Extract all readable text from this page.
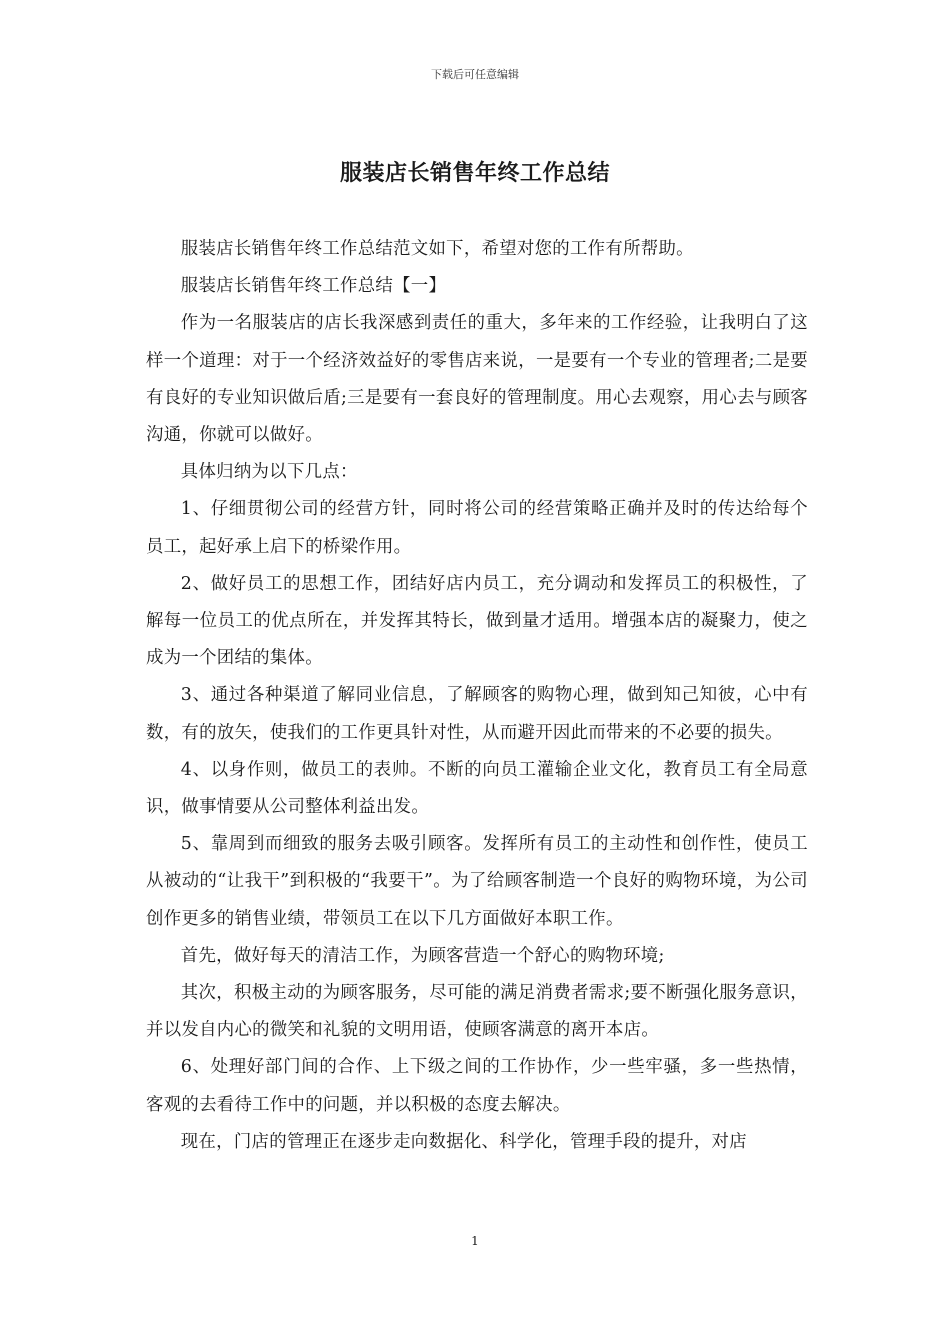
下载后可任意编辑
服装店长销售年终工作总结

服装店长销售年终工作总结范文如下，希望对您的工作有所帮助。

服装店长销售年终工作总结【一】

作为一名服装店的店长我深感到责任的重大，多年来的工作经验，让我明白了这样一个道理：对于一个经济效益好的零售店来说，一是要有一个专业的管理者;二是要有良好的专业知识做后盾;三是要有一套良好的管理制度。用心去观察，用心去与顾客沟通，你就可以做好。

具体归纳为以下几点：

1、仔细贯彻公司的经营方针，同时将公司的经营策略正确并及时的传达给每个员工，起好承上启下的桥梁作用。

2、做好员工的思想工作，团结好店内员工，充分调动和发挥员工的积极性，了解每一位员工的优点所在，并发挥其特长，做到量才适用。增强本店的凝聚力，使之成为一个团结的集体。

3、通过各种渠道了解同业信息，了解顾客的购物心理，做到知己知彼，心中有数，有的放矢，使我们的工作更具针对性，从而避开因此而带来的不必要的损失。

4、以身作则，做员工的表帅。不断的向员工灌输企业文化，教育员工有全局意识，做事情要从公司整体利益出发。

5、靠周到而细致的服务去吸引顾客。发挥所有员工的主动性和创作性，使员工从被动的“让我干”到积极的“我要干”。为了给顾客制造一个良好的购物环境，为公司创作更多的销售业绩，带领员工在以下几方面做好本职工作。

首先，做好每天的清洁工作，为顾客营造一个舒心的购物环境;

其次，积极主动的为顾客服务，尽可能的满足消费者需求;要不断强化服务意识，并以发自内心的微笑和礼貌的文明用语，使顾客满意的离开本店。

6、处理好部门间的合作、上下级之间的工作协作，少一些牢骚，多一些热情，客观的去看待工作中的问题，并以积极的态度去解决。

现在，门店的管理正在逐步走向数据化、科学化，管理手段的提升，对店

1
